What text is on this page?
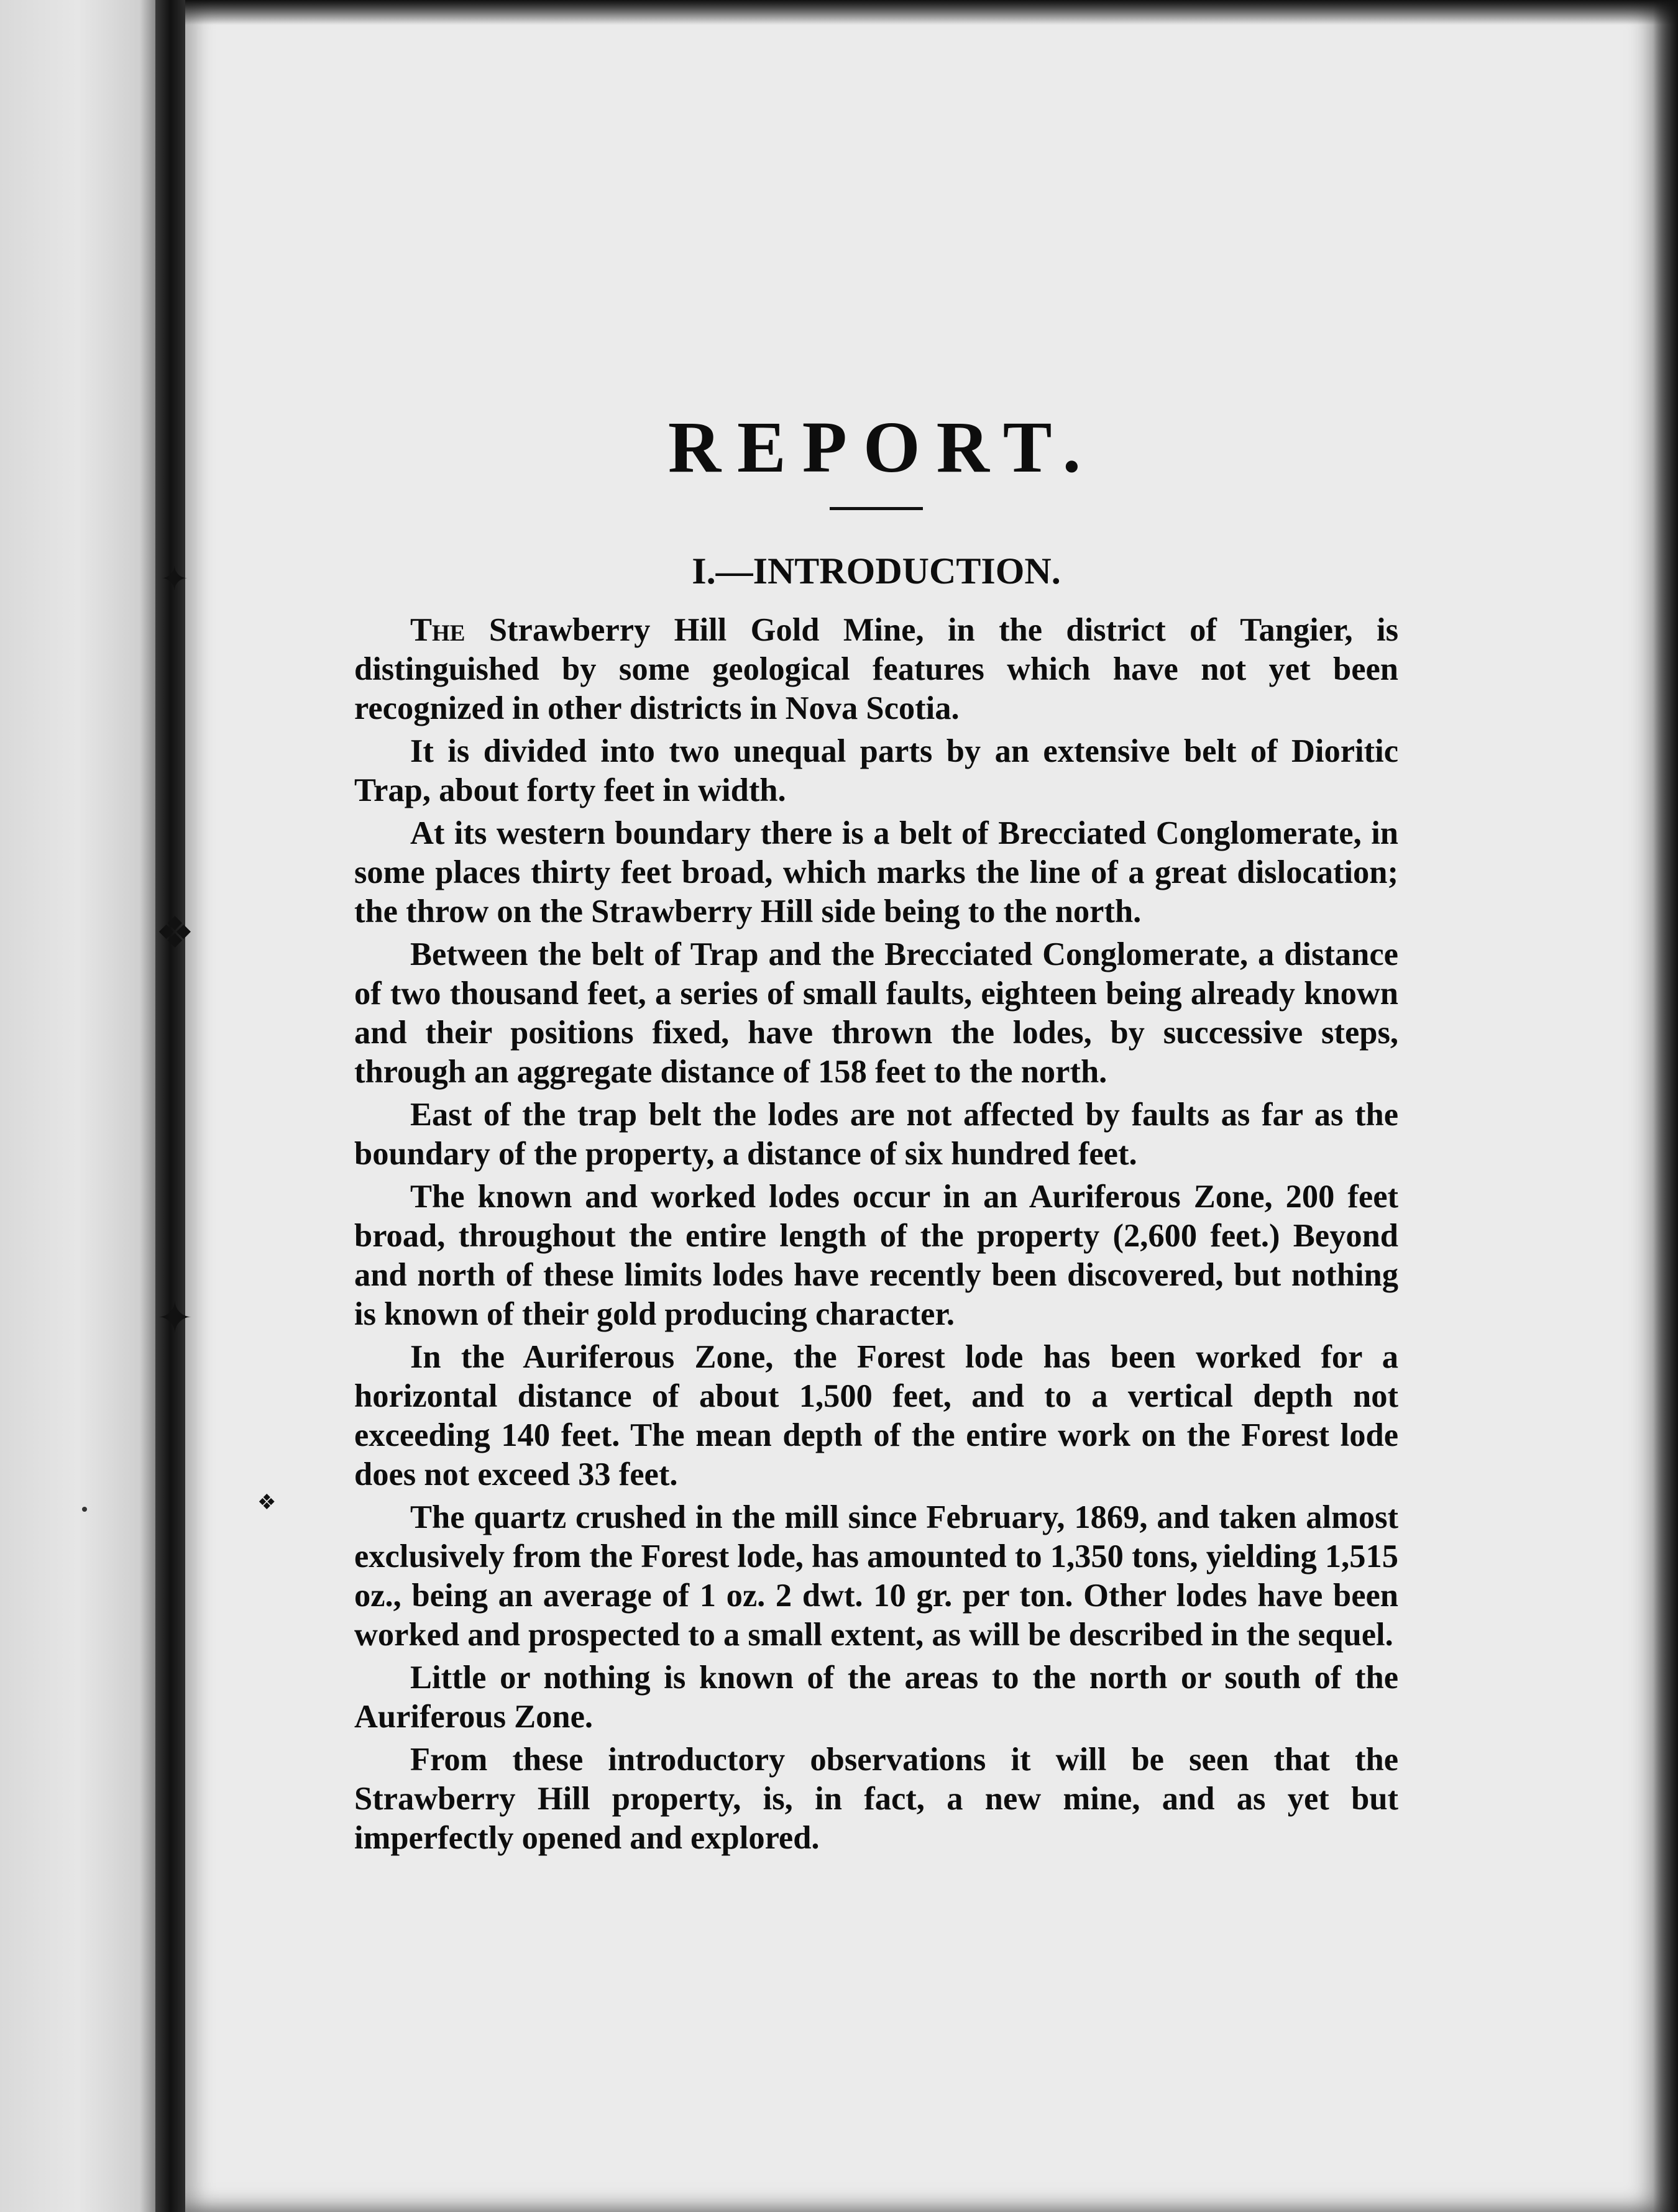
✦
❖
✦
❖
REPORT.
I.—INTRODUCTION.

The Strawberry Hill Gold Mine, in the district of Tangier, is distinguished by some geological features which have not yet been recognized in other districts in Nova Scotia.

It is divided into two unequal parts by an extensive belt of Dioritic Trap, about forty feet in width.

At its western boundary there is a belt of Brecciated Conglomerate, in some places thirty feet broad, which marks the line of a great dislocation; the throw on the Strawberry Hill side being to the north.

Between the belt of Trap and the Brecciated Conglomerate, a distance of two thousand feet, a series of small faults, eighteen being already known and their positions fixed, have thrown the lodes, by successive steps, through an aggregate distance of 158 feet to the north.

East of the trap belt the lodes are not affected by faults as far as the boundary of the property, a distance of six hundred feet.

The known and worked lodes occur in an Auriferous Zone, 200 feet broad, throughout the entire length of the property (2,600 feet.) Beyond and north of these limits lodes have recently been discovered, but nothing is known of their gold producing character.

In the Auriferous Zone, the Forest lode has been worked for a horizontal distance of about 1,500 feet, and to a vertical depth not exceeding 140 feet. The mean depth of the entire work on the Forest lode does not exceed 33 feet.

The quartz crushed in the mill since February, 1869, and taken almost exclusively from the Forest lode, has amounted to 1,350 tons, yielding 1,515 oz., being an average of 1 oz. 2 dwt. 10 gr. per ton. Other lodes have been worked and prospected to a small extent, as will be described in the sequel.

Little or nothing is known of the areas to the north or south of the Auriferous Zone.

From these introductory observations it will be seen that the Strawberry Hill property, is, in fact, a new mine, and as yet but imperfectly opened and explored.
